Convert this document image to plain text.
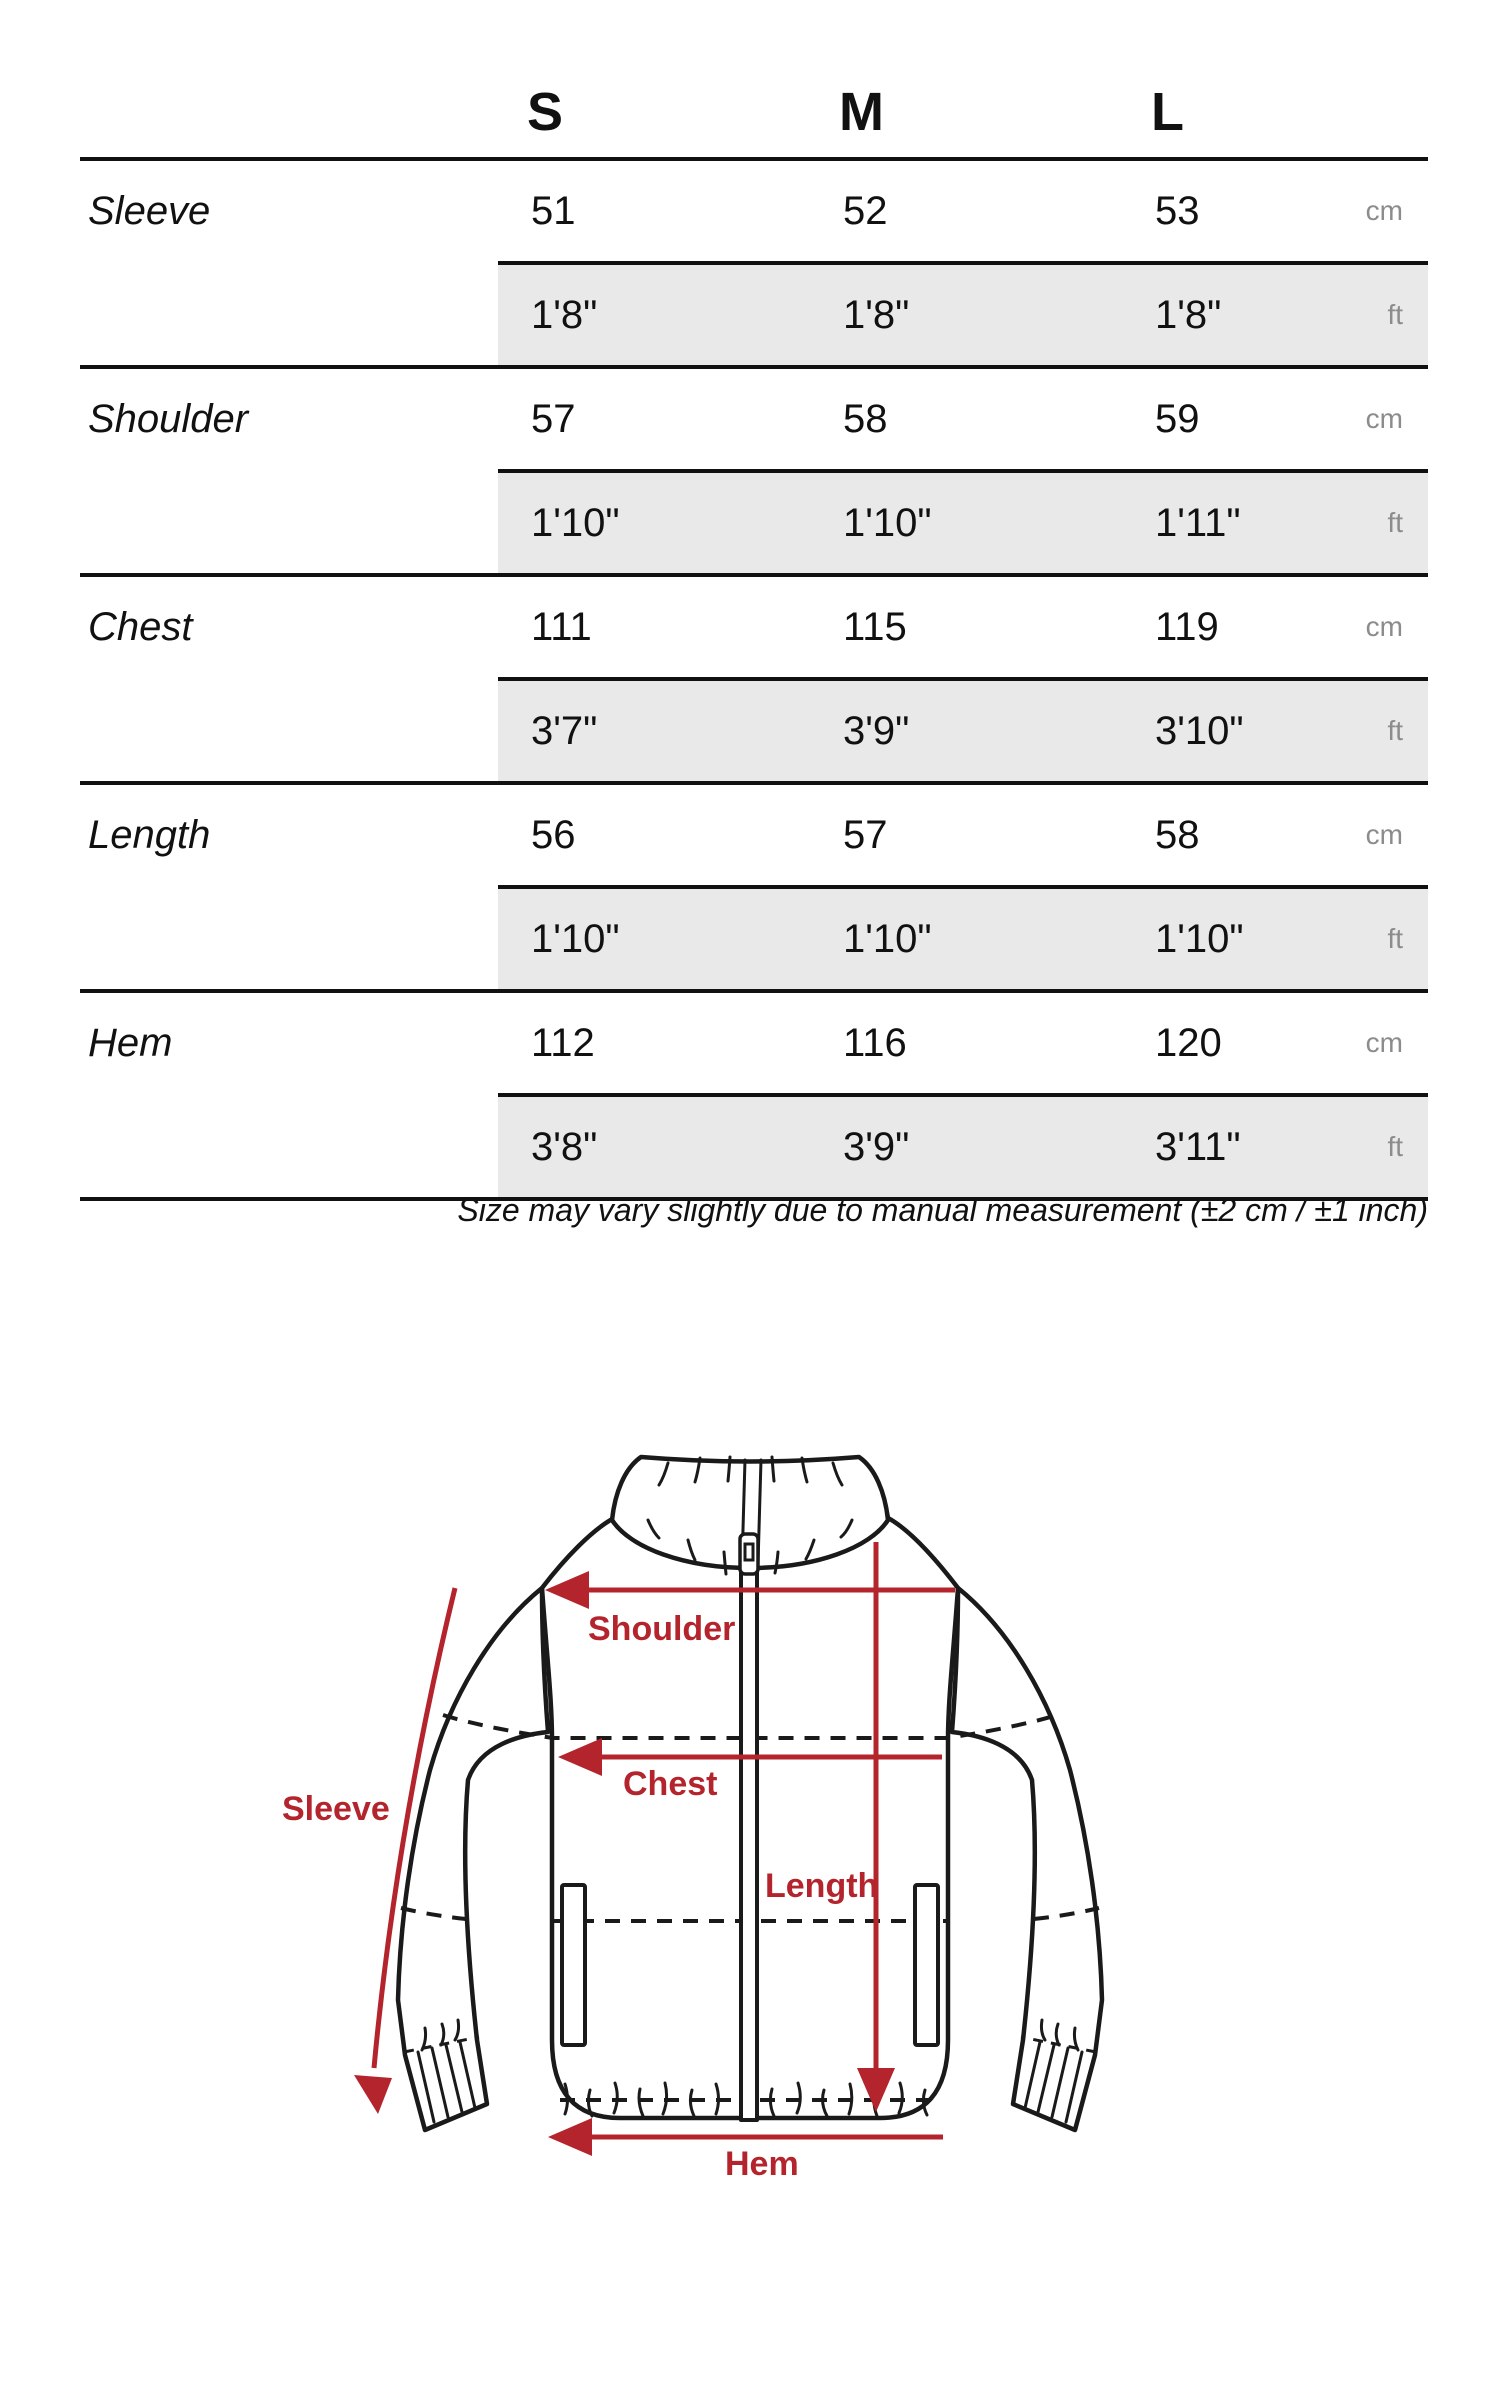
S	M	L
Sleeve	51	52	53	cm
1'8"	1'8"	1'8"	ft
Shoulder	57	58	59	cm
1'10"	1'10"	1'11"	ft
Chest	111	115	119	cm
3'7"	3'9"	3'10"	ft
Length	56	57	58	cm
1'10"	1'10"	1'10"	ft
Hem	112	116	120	cm
3'8"	3'9"	3'11"	ft
Size may vary slightly due to manual measurement (±2 cm / ±1 inch)
Shoulder
Chest
Length
Sleeve
Hem
